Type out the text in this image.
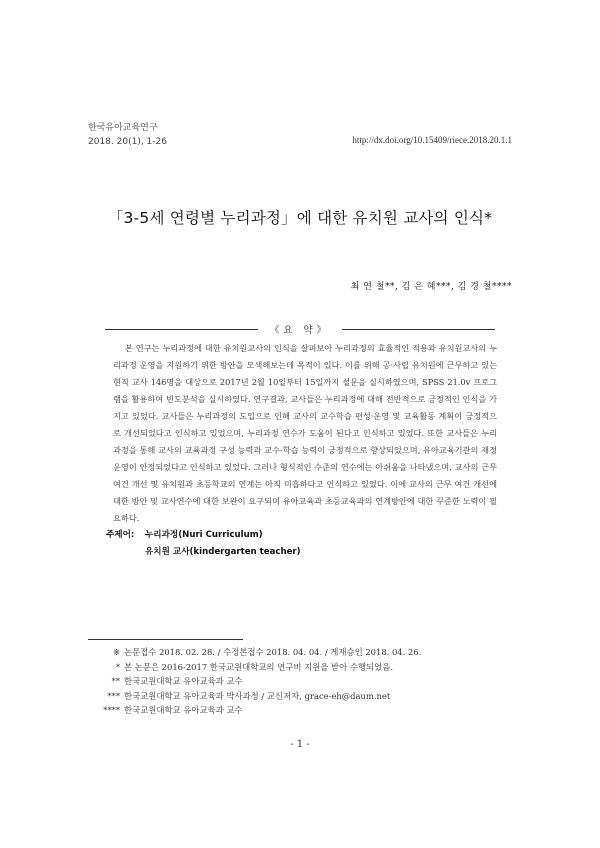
한국유아교육연구
2018. 20(1), 1-26	http://dx.doi.org/10.15409/riece.2018.20.1.1
「3-5세 연령별 누리과정」에 대한 유치원 교사의 인식*
최 연 철**, 김 은 혜***, 김 경 철****
《요 약》

본 연구는 누리과정에 대한 유치원교사의 인식을 살펴보아 누리과정의 효율적인 적용과 유치원교사의 누리과정 운영을 지원하기 위한 방안을 모색해보는데 목적이 있다. 이를 위해 공·사립 유치원에 근무하고 있는 현직 교사 146명을 대상으로 2017년 2월 10일부터 15일까지 설문을 실시하였으며, SPSS 21.0v 프로그램을 활용하여 빈도분석을 실시하였다. 연구결과, 교사들은 누리과정에 대해 전반적으로 긍정적인 인식을 가지고 있었다. 교사들은 누리과정의 도입으로 인해 교사의 교수학습 편성·운영 및 교육활동 계획이 긍정적으로 개선되었다고 인식하고 있었으며, 누리과정 연수가 도움이 된다고 인식하고 있었다. 또한 교사들은 누리과정을 통해 교사의 교육과정 구성 능력과 교수-학습 능력이 긍정적으로 향상되었으며, 유아교육기관의 재정 운영이 안정되었다고 인식하고 있었다. 그러나 형식적인 수준의 연수에는 아쉬움을 나타냈으며, 교사의 근무여건 개선 및 유치원과 초등학교의 연계는 아직 미흡하다고 인식하고 있었다. 이에 교사의 근무 여건 개선에 대한 방안 및 교사연수에 대한 보완이 요구되며 유아교육과 초등교육과의 연계방안에 대한 꾸준한 노력이 필요하다.

주제어:	누리과정(Nuri Curriculum)
유치원 교사(kindergarten teacher)
※ 논문접수 2018. 02. 28. / 수정본접수 2018. 04. 04. / 게재승인 2018. 04. 26.
* 본 논문은 2016-2017 한국교원대학교의 연구비 지원을 받아 수행되었음.
** 한국교원대학교 유아교육과 교수
*** 한국교원대학교 유아교육과 박사과정 / 교신저자, grace-eh@daum.net
**** 한국교원대학교 유아교육과 교수
- 1 -
